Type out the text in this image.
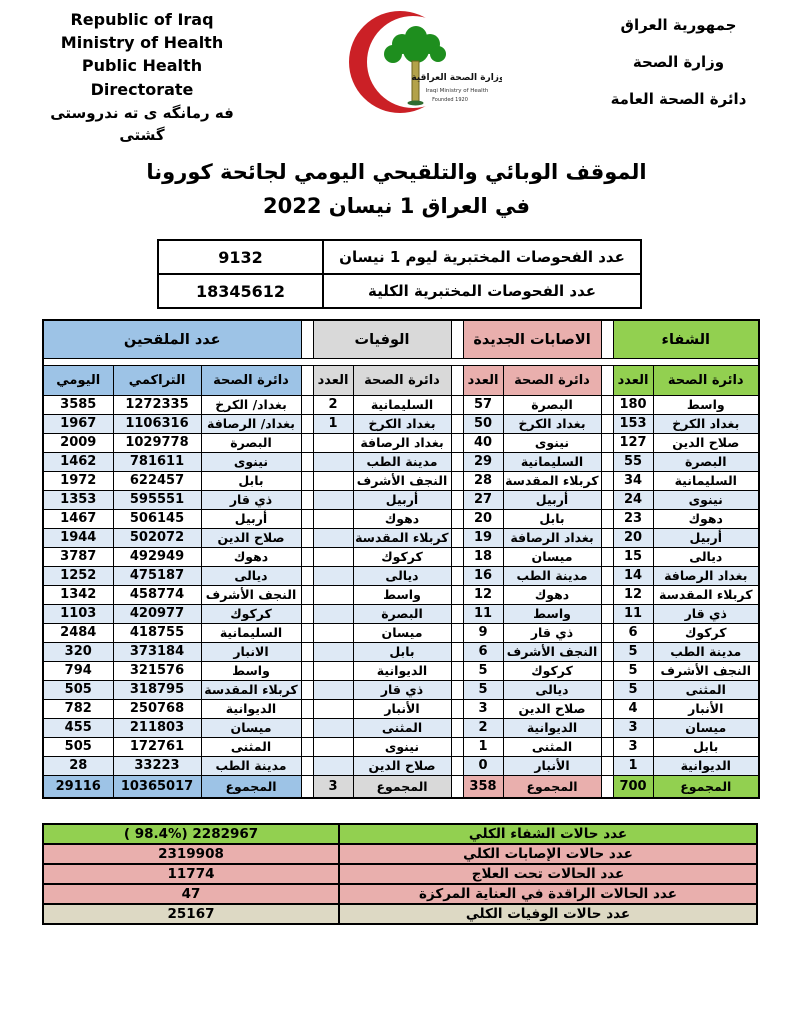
Republic of Iraq
Ministry of Health
Public Health Directorate
فه رمانگه ی ته ندروستی گشتی
وزارة الصحة العراقية
Iraqi Ministry of Health
Founded 1920
جمهورية العراق
وزارة الصحة
دائرة الصحة العامة
الموقف الوبائي والتلقيحي اليومي لجائحة كورونا
في العراق 1 نيسان 2022
9132	عدد الفحوصات المختبرية ليوم 1 نيسان
18345612	عدد الفحوصات المختبرية الكلية
عدد الملقحين				الوفيات			الاصابات الجديدة			الشفاء	

اليومي	التراكمي	دائرة الصحة		العدد	دائرة الصحة		العدد	دائرة الصحة		العدد	دائرة الصحة
3585	1272335	بغداد/ الكرخ		2	السليمانية		57	البصرة		180	واسط
1967	1106316	بغداد/ الرصافة		1	بغداد الكرخ		50	بغداد الكرخ		153	بغداد الكرخ
2009	1029778	البصرة			بغداد الرصافة		40	نينوى		127	صلاح الدين
1462	781611	نينوى			مدينة الطب		29	السليمانية		55	البصرة
1972	622457	بابل			النجف الأشرف		28	كربلاء المقدسة		34	السليمانية
1353	595551	ذي قار			أربيل		27	أربيل		24	نينوى
1467	506145	أربيل			دهوك		20	بابل		23	دهوك
1944	502072	صلاح الدين			كربلاء المقدسة		19	بغداد الرصافة		20	أربيل
3787	492949	دهوك			كركوك		18	ميسان		15	ديالى
1252	475187	ديالى			ديالى		16	مدينة الطب		14	بغداد الرصافة
1342	458774	النجف الأشرف			واسط		12	دهوك		12	كربلاء المقدسة
1103	420977	كركوك			البصرة		11	واسط		11	ذي قار
2484	418755	السليمانية			ميسان		9	ذي قار		6	كركوك
320	373184	الانبار			بابل		6	النجف الأشرف		5	مدينة الطب
794	321576	واسط			الديوانية		5	كركوك		5	النجف الأشرف
505	318795	كربلاء المقدسة			ذي قار		5	ديالى		5	المثنى
782	250768	الديوانية			الأنبار		3	صلاح الدين		4	الأنبار
455	211803	ميسان			المثنى		2	الديوانية		3	ميسان
505	172761	المثنى			نينوى		1	المثنى		3	بابل
28	33223	مدينة الطب			صلاح الدين		0	الأنبار		1	الديوانية
29116	10365017	المجموع		3	المجموع		358	المجموع		700	المجموع
( 98.4%) 2282967	عدد حالات الشفاء الكلي
2319908	عدد حالات الإصابات الكلي
11774	عدد الحالات تحت العلاج
47	عدد الحالات الراقدة في العناية المركزة
25167	عدد حالات الوفيات الكلي
